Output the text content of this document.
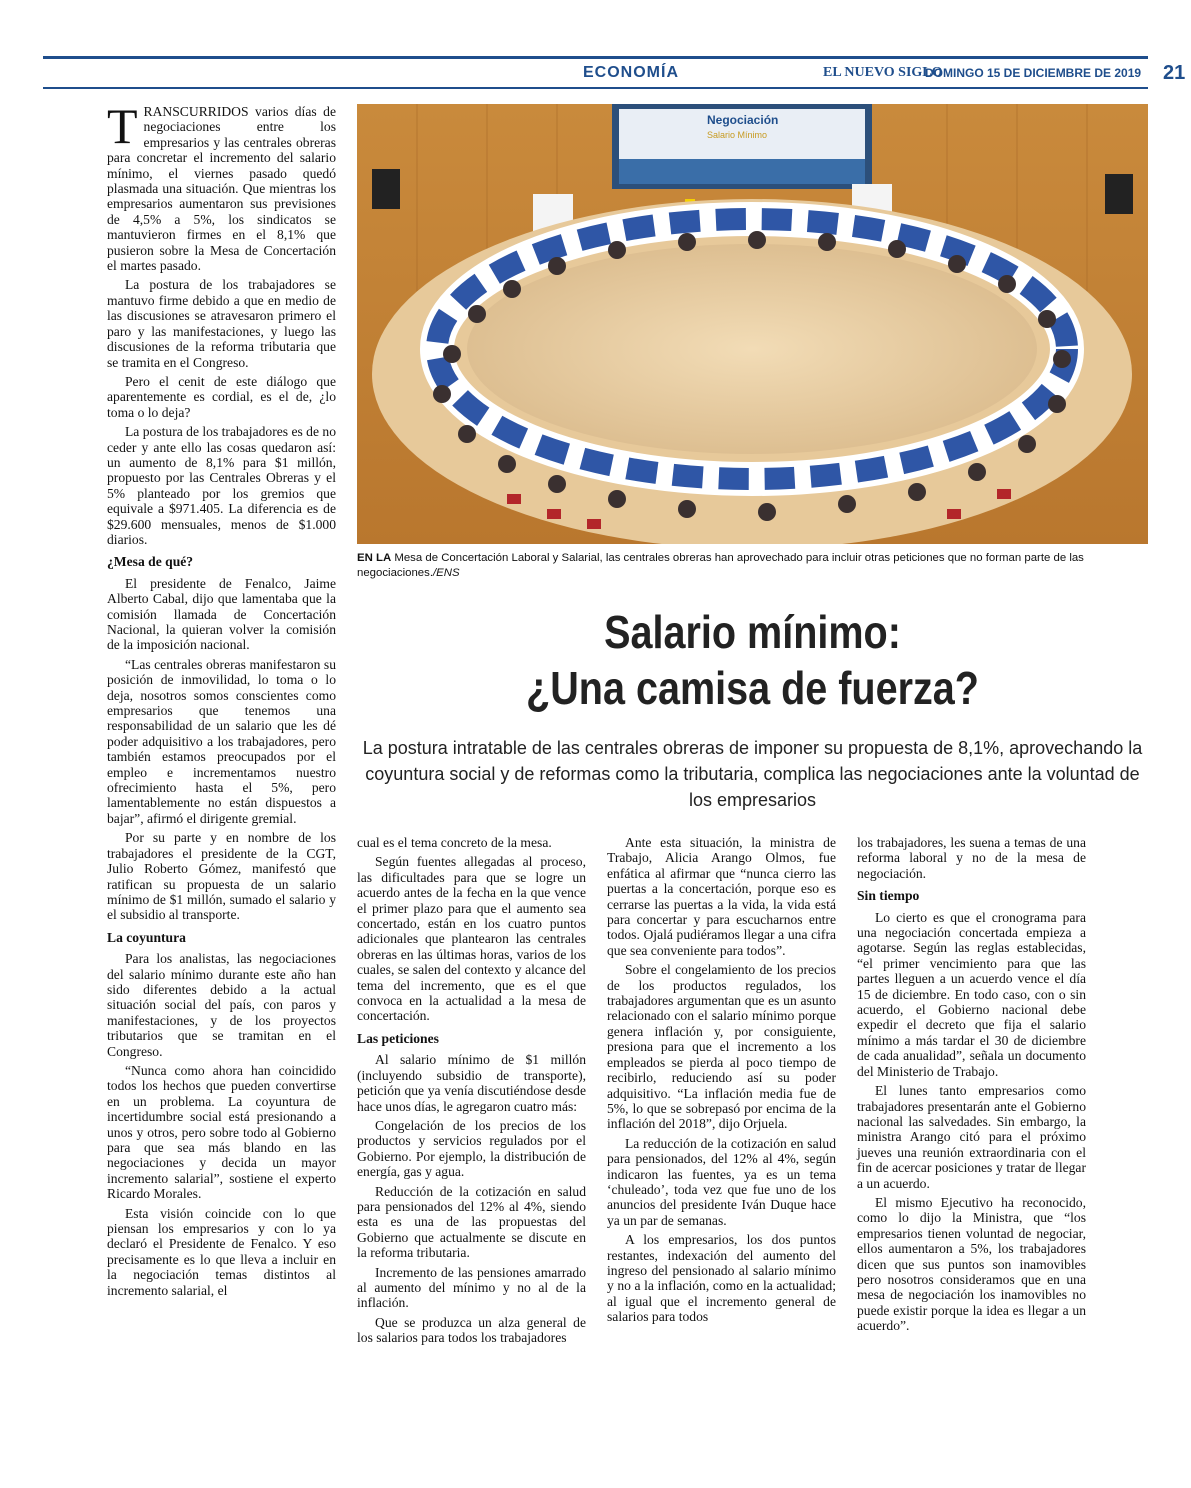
ECONOMÍA	EL NUEVO SIGLO
DOMINGO 15 DE DICIEMBRE DE 2019 21

TRANSCURRIDOS varios días de negociaciones entre los empresarios y las centrales obreras para concretar el incremento del salario mínimo, el viernes pasado quedó plasmada una situación. Que mientras los empresarios aumentaron sus previsiones de 4,5% a 5%, los sindicatos se mantuvieron firmes en el 8,1% que pusieron sobre la Mesa de Concertación el martes pasado.

La postura de los trabajadores se mantuvo firme debido a que en medio de las discusiones se atravesaron primero el paro y las manifestaciones, y luego las discusiones de la reforma tributaria que se tramita en el Congreso.

Pero el cenit de este diálogo que aparentemente es cordial, es el de, ¿lo toma o lo deja?

La postura de los trabajadores es de no ceder y ante ello las cosas quedaron así: un aumento de 8,1% para $1 millón, propuesto por las Centrales Obreras y el 5% planteado por los gremios que equivale a $971.405. La diferencia es de $29.600 mensuales, menos de $1.000 diarios.

¿Mesa de qué?

El presidente de Fenalco, Jaime Alberto Cabal, dijo que lamentaba que la comisión llamada de Concertación Nacional, la quieran volver la comisión de la imposición nacional.

“Las centrales obreras manifestaron su posición de inmovilidad, lo toma o lo deja, nosotros somos conscientes como empresarios que tenemos una responsabilidad de un salario que les dé poder adquisitivo a los trabajadores, pero también estamos preocupados por el empleo e incrementamos nuestro ofrecimiento hasta el 5%, pero lamentablemente no están dispuestos a bajar”, afirmó el dirigente gremial.

Por su parte y en nombre de los trabajadores el presidente de la CGT, Julio Roberto Gómez, manifestó que ratifican su propuesta de un salario mínimo de $1 millón, sumado el salario y el subsidio al transporte.

La coyuntura

Para los analistas, las negociaciones del salario mínimo durante este año han sido diferentes debido a la actual situación social del país, con paros y manifestaciones, y de los proyectos tributarios que se tramitan en el Congreso.

“Nunca como ahora han coincidido todos los hechos que pueden convertirse en un problema. La coyuntura de incertidumbre social está presionando a unos y otros, pero sobre todo al Gobierno para que sea más blando en las negociaciones y decida un mayor incremento salarial”, sostiene el experto Ricardo Morales.

Esta visión coincide con lo que piensan los empresarios y con lo ya declaró el Presidente de Fenalco. Y eso precisamente es lo que lleva a incluir en la negociación temas distintos al incremento salarial, el

Negociación
Salario Mínimo
EN LA Mesa de Concertación Laboral y Salarial, las centrales obreras han aprovechado para incluir otras peticiones que no forman parte de las negociaciones./ENS
Salario mínimo:
¿Una camisa de fuerza?
La postura intratable de las centrales obreras de imponer su propuesta de 8,1%, aprovechando la coyuntura social y de reformas como la tributaria, complica las negociaciones ante la voluntad de los empresarios

cual es el tema concreto de la mesa.

Según fuentes allegadas al proceso, las dificultades para que se logre un acuerdo antes de la fecha en la que vence el primer plazo para que el aumento sea concertado, están en los cuatro puntos adicionales que plantearon las centrales obreras en las últimas horas, varios de los cuales, se salen del contexto y alcance del tema del incremento, que es el que convoca en la actualidad a la mesa de concertación.

Las peticiones

Al salario mínimo de $1 millón (incluyendo subsidio de transporte), petición que ya venía discutiéndose desde hace unos días, le agregaron cuatro más:

Congelación de los precios de los productos y servicios regulados por el Gobierno. Por ejemplo, la distribución de energía, gas y agua.

Reducción de la cotización en salud para pensionados del 12% al 4%, siendo esta es una de las propuestas del Gobierno que actualmente se discute en la reforma tributaria.

Incremento de las pensiones amarrado al aumento del mínimo y no al de la inflación.

Que se produzca un alza general de los salarios para todos los trabajadores

Ante esta situación, la ministra de Trabajo, Alicia Arango Olmos, fue enfática al afirmar que “nunca cierro las puertas a la concertación, porque eso es cerrarse las puertas a la vida, la vida está para concertar y para escucharnos entre todos. Ojalá pudiéramos llegar a una cifra que sea conveniente para todos”.

Sobre el congelamiento de los precios de los productos regulados, los trabajadores argumentan que es un asunto relacionado con el salario mínimo porque genera inflación y, por consiguiente, presiona para que el incremento a los empleados se pierda al poco tiempo de recibirlo, reduciendo así su poder adquisitivo. “La inflación media fue de 5%, lo que se sobrepasó por encima de la inflación del 2018”, dijo Orjuela.

La reducción de la cotización en salud para pensionados, del 12% al 4%, según indicaron las fuentes, ya es un tema ‘chuleado’, toda vez que fue uno de los anuncios del presidente Iván Duque hace ya un par de semanas.

A los empresarios, los dos puntos restantes, indexación del aumento del ingreso del pensionado al salario mínimo y no a la inflación, como en la actualidad; al igual que el incremento general de salarios para todos

los trabajadores, les suena a temas de una reforma laboral y no de la mesa de negociación.

Sin tiempo

Lo cierto es que el cronograma para una negociación concertada empieza a agotarse. Según las reglas establecidas, “el primer vencimiento para que las partes lleguen a un acuerdo vence el día 15 de diciembre. En todo caso, con o sin acuerdo, el Gobierno nacional debe expedir el decreto que fija el salario mínimo a más tardar el 30 de diciembre de cada anualidad”, señala un documento del Ministerio de Trabajo.

El lunes tanto empresarios como trabajadores presentarán ante el Gobierno nacional las salvedades. Sin embargo, la ministra Arango citó para el próximo jueves una reunión extraordinaria con el fin de acercar posiciones y tratar de llegar a un acuerdo.

El mismo Ejecutivo ha reconocido, como lo dijo la Ministra, que “los empresarios tienen voluntad de negociar, ellos aumentaron a 5%, los trabajadores dicen que sus puntos son inamovibles pero nosotros consideramos que en una mesa de negociación los inamovibles no puede existir porque la idea es llegar a un acuerdo”.
